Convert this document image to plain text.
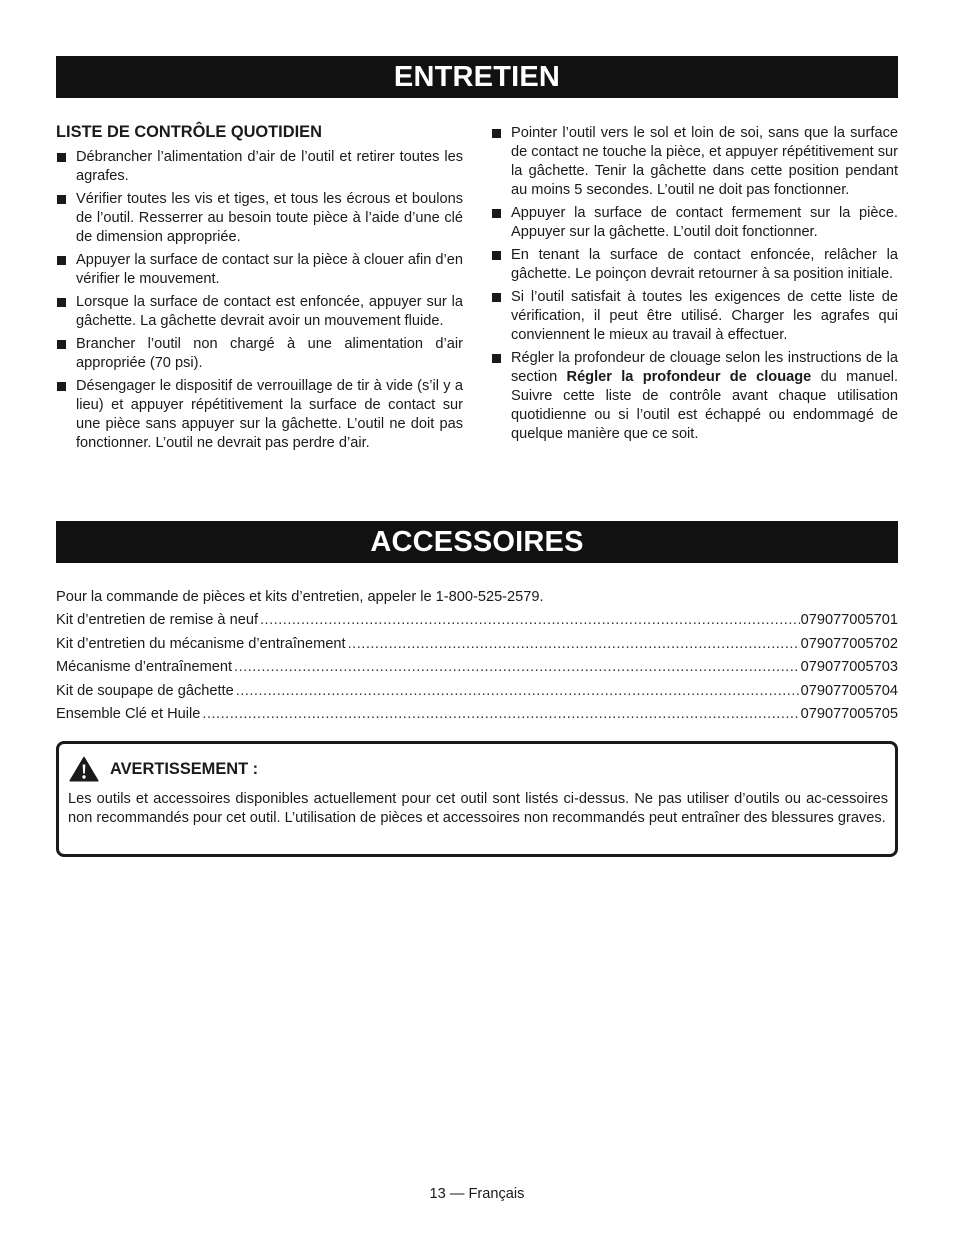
ENTRETIEN
LISTE DE CONTRÔLE QUOTIDIEN
Débrancher l’alimentation d’air de l’outil et retirer toutes les agrafes.
Vérifier toutes les vis et tiges, et tous les écrous et boulons de l’outil. Resserrer au besoin toute pièce à l’aide d’une clé de dimension appropriée.
Appuyer la surface de contact sur la pièce à clouer afin d’en vérifier le mouvement.
Lorsque la surface de contact est enfoncée, appuyer sur la gâchette. La gâchette devrait avoir un mouvement fluide.
Brancher l’outil non chargé à une alimentation d’air appropriée (70 psi).
Désengager le dispositif de verrouillage de tir à vide (s’il y a lieu) et appuyer répétitivement la surface de contact sur une pièce sans appuyer sur la gâchette. L’outil ne doit pas fonctionner. L’outil ne devrait pas perdre d’air.
Pointer l’outil vers le sol et loin de soi, sans que la surface de contact ne touche la pièce, et appuyer répétitivement sur la gâchette. Tenir la gâchette dans cette position pendant au moins 5 secondes. L’outil ne doit pas fonctionner.
Appuyer la surface de contact fermement sur la pièce. Appuyer sur la gâchette. L’outil doit fonctionner.
En tenant la surface de contact enfoncée, relâcher la gâchette. Le poinçon devrait retourner à sa position initiale.
Si l’outil satisfait à toutes les exigences de cette liste de vérification, il peut être utilisé. Charger les agrafes qui conviennent le mieux au travail à effectuer.
Régler la profondeur de clouage selon les instructions de la section Régler la profondeur de clouage du manuel. Suivre cette liste de contrôle avant chaque utilisation quotidienne ou si l’outil est échappé ou endommagé de quelque manière que ce soit.
ACCESSOIRES
Pour la commande de pièces et kits d’entretien, appeler le 1-800-525-2579.
Kit d’entretien de remise à neuf .....	079077005701
Kit d’entretien du mécanisme d’entraînement .....	079077005702
Mécanisme d’entraînement .....	079077005703
Kit de soupape de gâchette .....	079077005704
Ensemble Clé et Huile .....	079077005705
AVERTISSEMENT :
Les outils et accessoires disponibles actuellement pour cet outil sont listés ci-dessus. Ne pas utiliser d’outils ou ac-cessoires non recommandés pour cet outil. L’utilisation de pièces et accessoires non recommandés peut entraîner des blessures graves.
13 — Français
